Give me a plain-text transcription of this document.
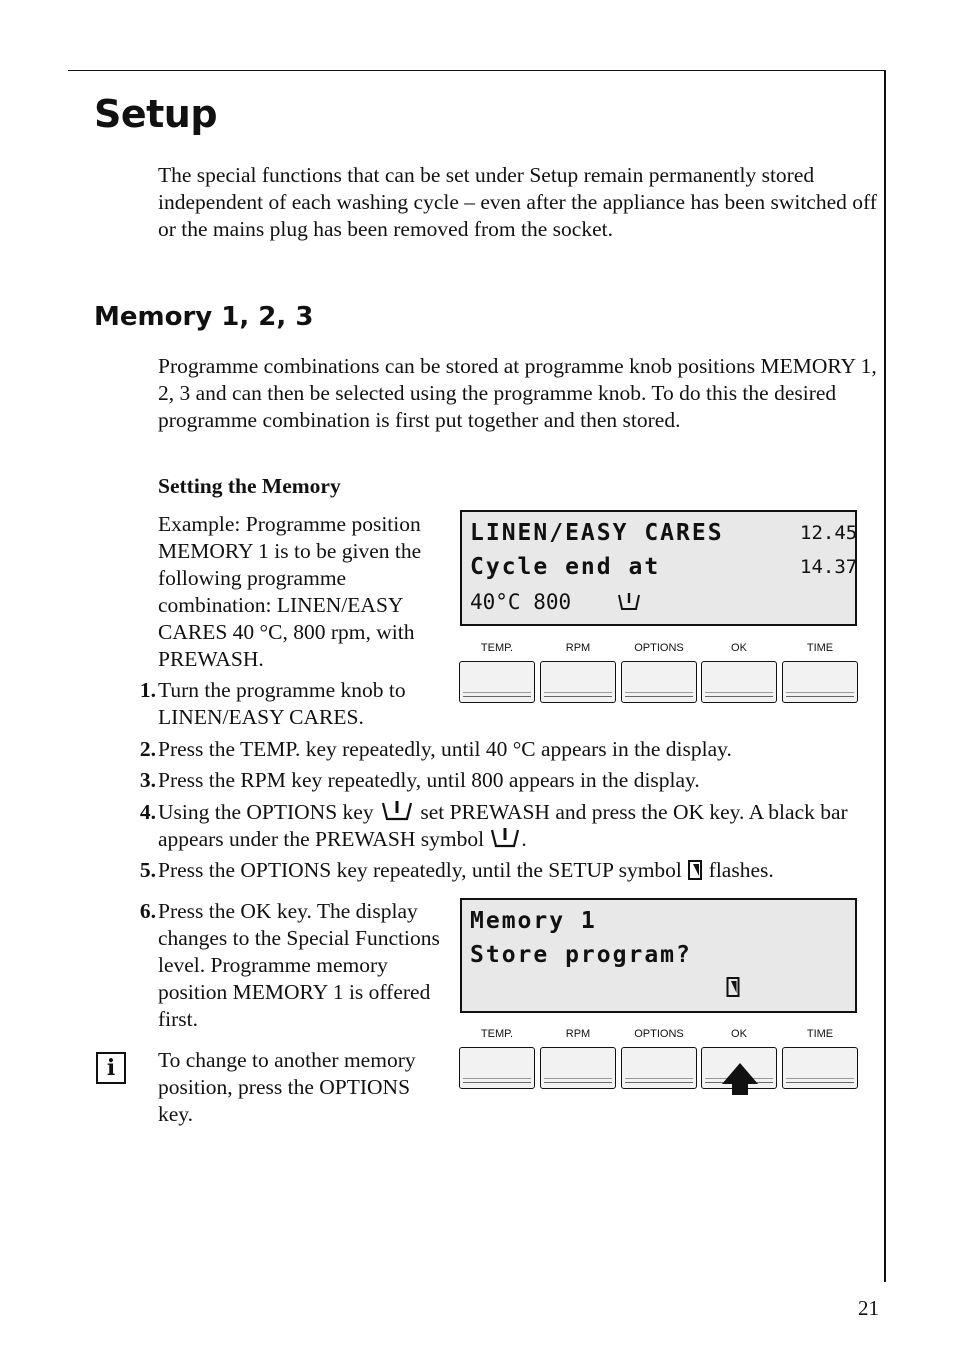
Setup

The special functions that can be set under Setup remain permanently stored independent of each washing cycle – even after the appliance has been switched off or the mains plug has been removed from the socket.

Memory 1, 2, 3

Programme combinations can be stored at programme knob positions MEMORY 1, 2, 3 and can then be selected using the programme knob. To do this the desired programme combination is first put together and then stored.

Setting the Memory

Example: Programme position MEMORY 1 is to be given the following programme combination: LINEN/EASY CARES 40 °C, 800 rpm, with PREWASH.

1. Turn the programme knob to LINEN/EASY CARES.
2. Press the TEMP. key repeatedly, until 40 °C appears in the display.
3. Press the RPM key repeatedly, until 800 appears in the display.
4. Using the OPTIONS key set PREWASH and press the OK key. A black bar appears under the PREWASH symbol .
5. Press the OPTIONS key repeatedly, until the SETUP symbol flashes.
6. Press the OK key. The display changes to the Special Functions level. Programme memory position MEMORY 1 is offered first.
i	To change to another memory position, press the OPTIONS key.

LINEN/EASY CARES	12.45
Cycle end at	14.37
40°C 800
TEMP.	RPM	OPTIONS	OK	TIME
Memory 1
Store program?
TEMP.	RPM	OPTIONS	OK	TIME
21
